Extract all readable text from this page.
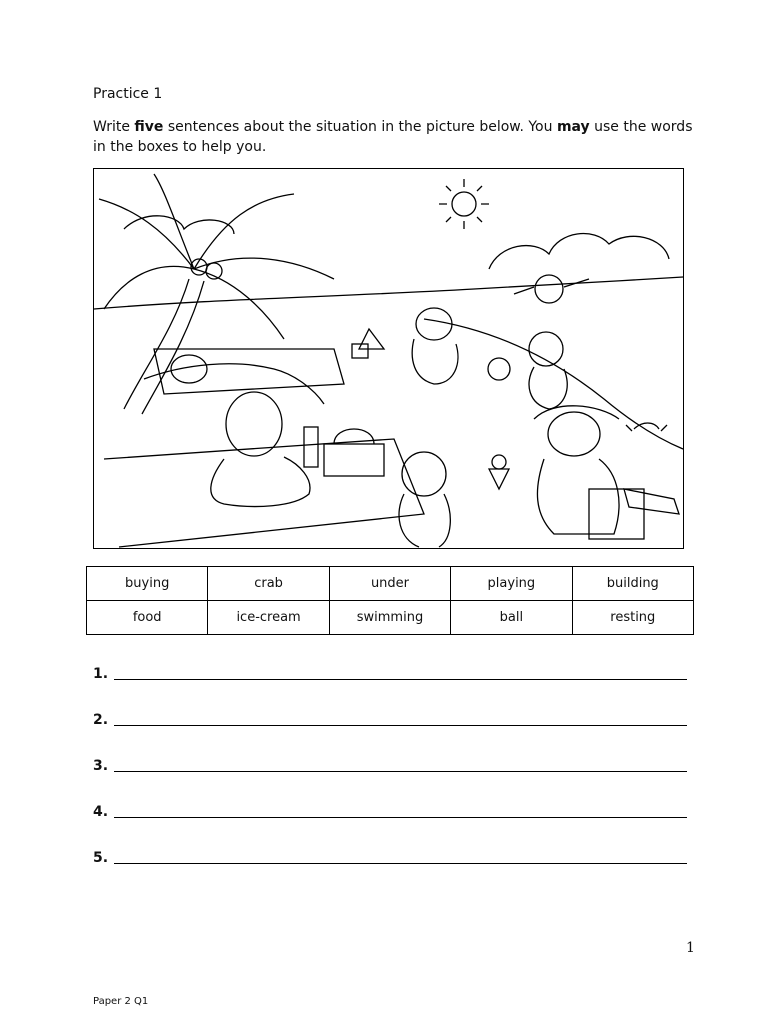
Practice 1
Write five sentences about the situation in the picture below. You may use the words in the boxes to help you.
buying	crab	under	playing	building
food	ice-cream	swimming	ball	resting
1.
2.
3.
4.
5.
1
Paper 2 Q1
